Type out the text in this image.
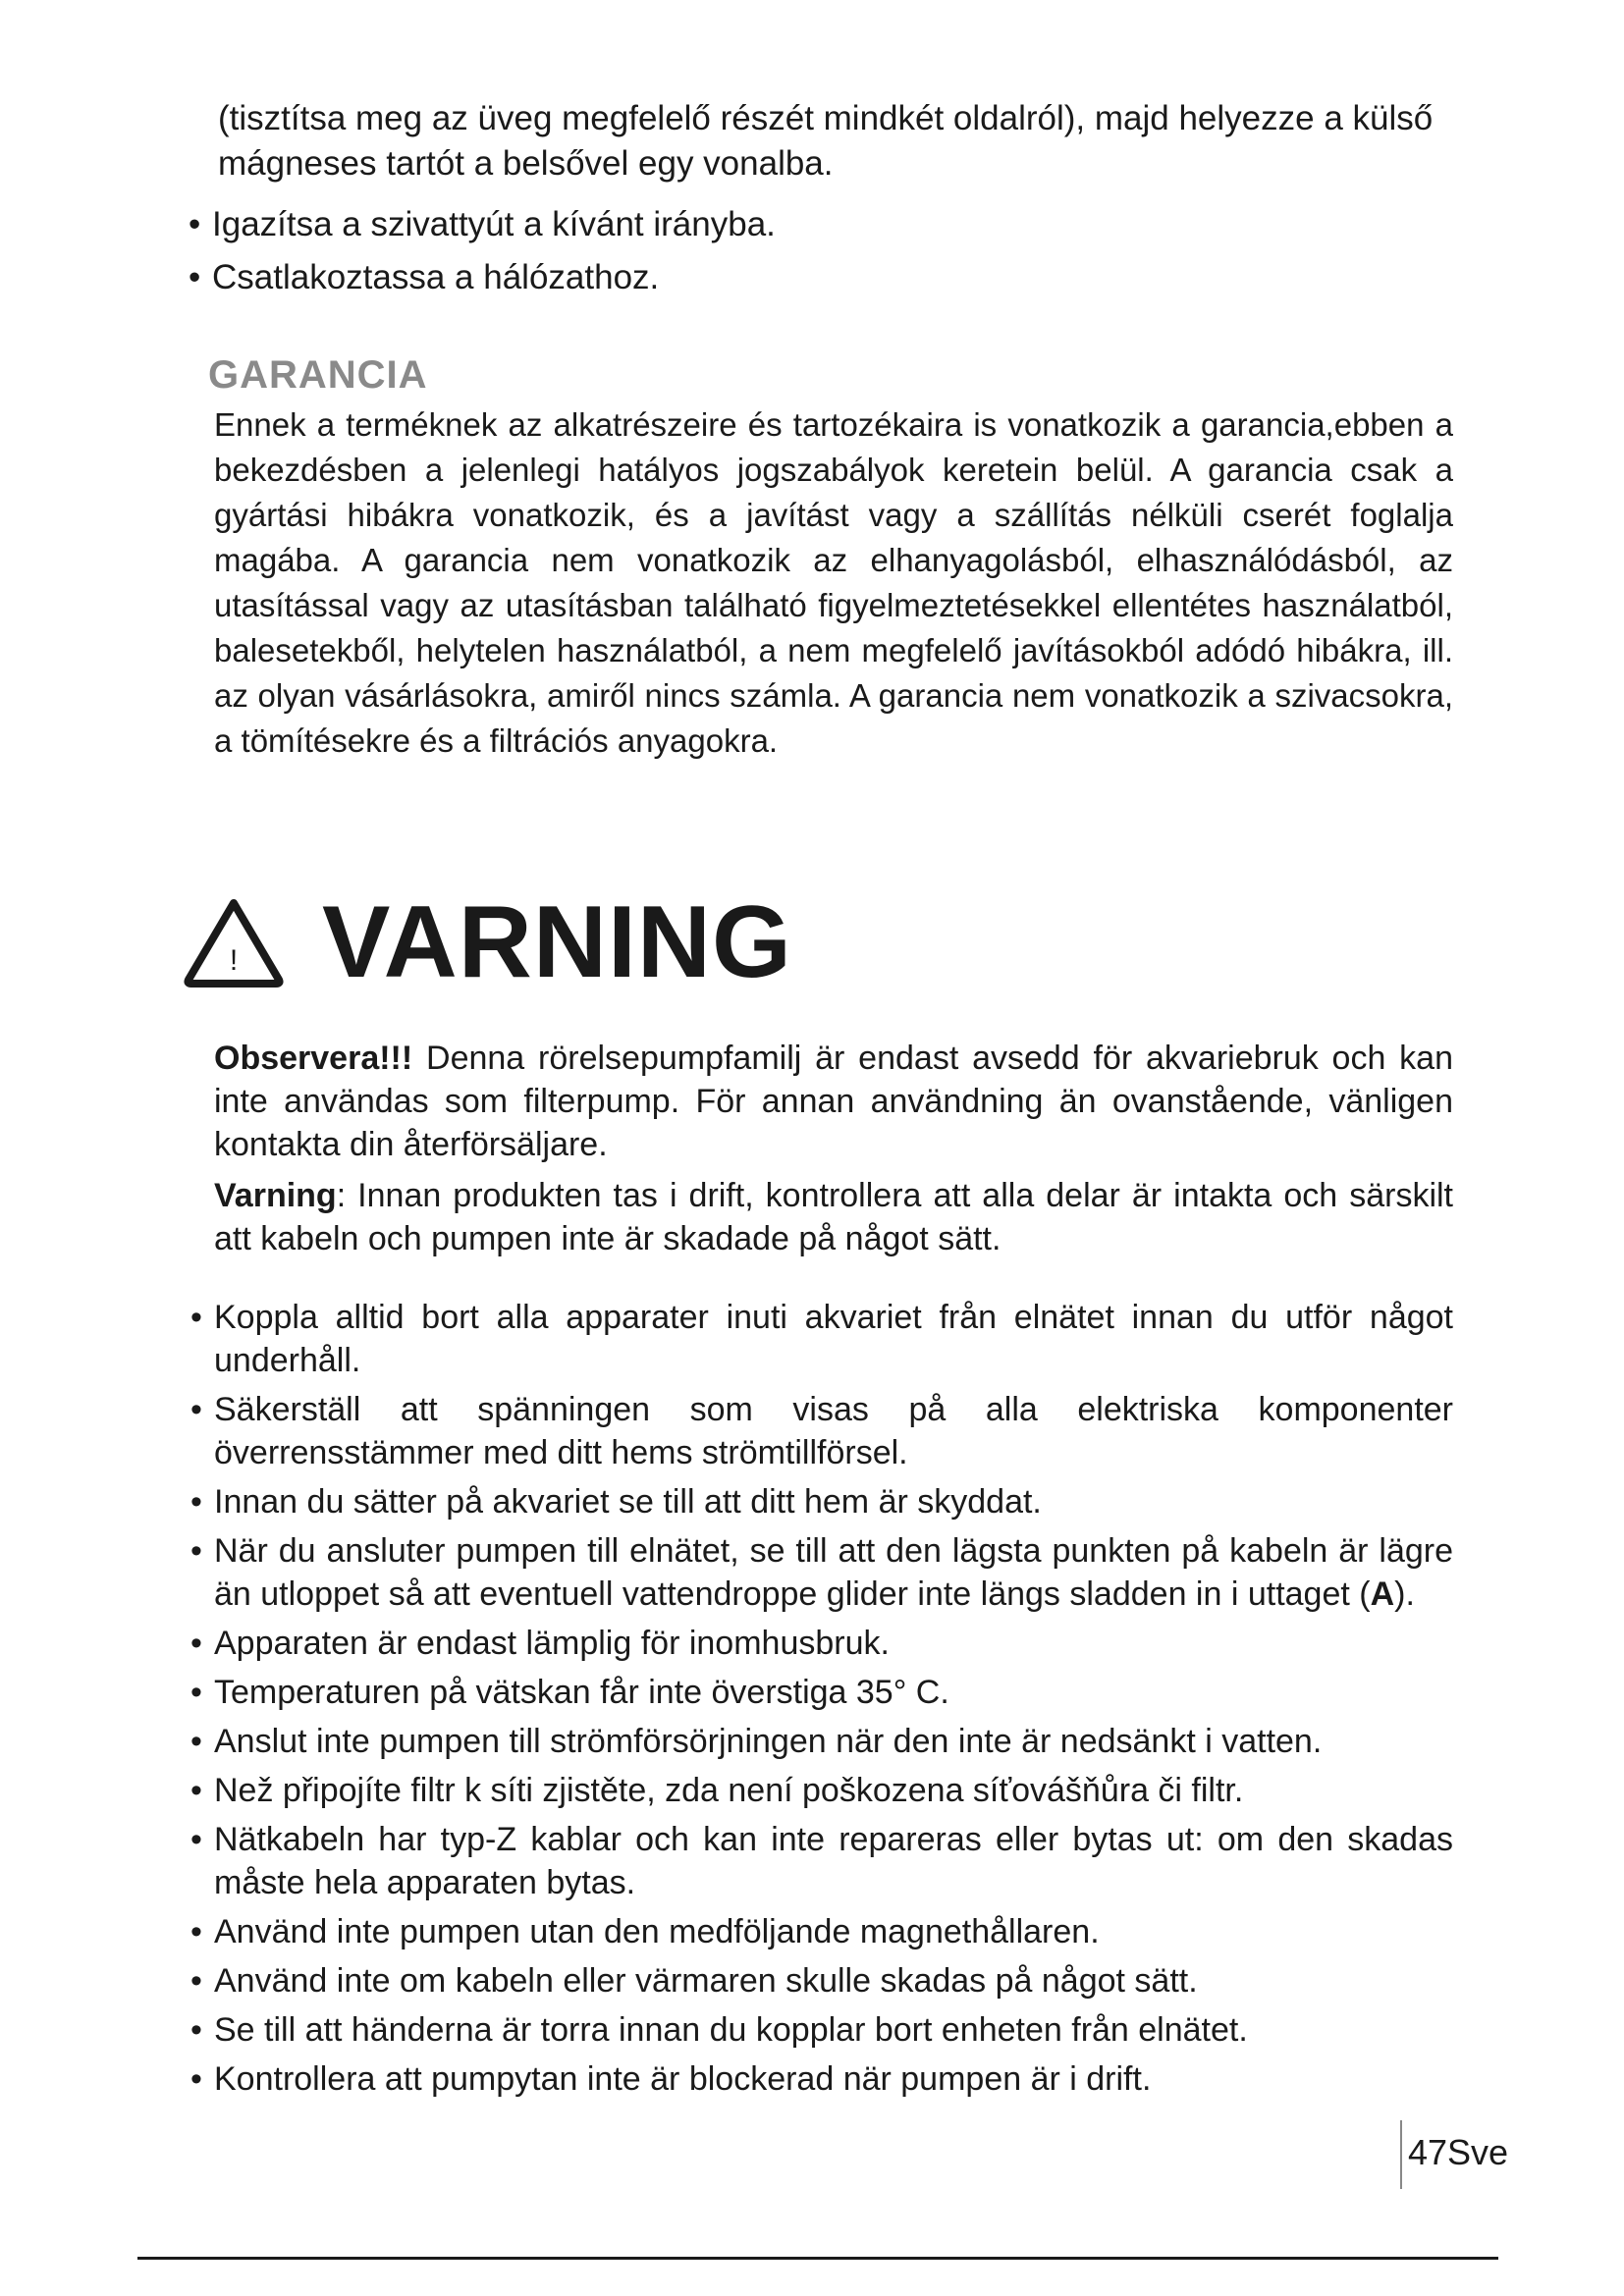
(tisztítsa meg az üveg megfelelő részét mindkét oldalról), majd helyezze a külső mágneses tartót a belsővel egy vonalba.
• Igazítsa a szivattyút a kívánt irányba.
• Csatlakoztassa a hálózathoz.
GARANCIA

Ennek a terméknek az alkatrészeire és tartozékaira is vonatkozik a garancia,ebben a bekezdésben a jelenlegi hatályos jogszabályok keretein belül. A garancia csak a gyártási hibákra vonatkozik, és a javítást vagy a szállítás nélküli cserét foglalja magába. A garancia nem vonatkozik az elhanyagolásból, elhasználódásból, az utasítással vagy az utasításban található figyelmeztetésekkel ellentétes használatból, balesetekből, helytelen használatból, a nem megfelelő javításokból adódó hibákra, ill. az olyan vásárlásokra, amiről nincs számla. A garancia nem vonatkozik a szivacsokra, a tömítésekre és a filtrációs anyagokra.

! VARNING
Observera!!! Denna rörelsepumpfamilj är endast avsedd för akvariebruk och kan inte användas som filterpump. För annan användning än ovanstående, vänligen kontakta din återförsäljare.
Varning: Innan produkten tas i drift, kontrollera att alla delar är intakta och särskilt att kabeln och pumpen inte är skadade på något sätt.
• Koppla alltid bort alla apparater inuti akvariet från elnätet innan du utför något underhåll.
• Säkerställ att spänningen som visas på alla elektriska komponenter överrensstämmer med ditt hems strömtillförsel.
• Innan du sätter på akvariet se till att ditt hem är skyddat.
• När du ansluter pumpen till elnätet, se till att den lägsta punkten på kabeln är lägre än utloppet så att eventuell vattendroppe glider inte längs sladden in i uttaget (A).
• Apparaten är endast lämplig för inomhusbruk.
• Temperaturen på vätskan får inte överstiga 35° C.
• Anslut inte pumpen till strömförsörjningen när den inte är nedsänkt i vatten.
• Než připojíte filtr k síti zjistěte, zda není poškozena síťovášňůra či filtr.
• Nätkabeln har typ-Z kablar och kan inte repareras eller bytas ut: om den skadas måste hela apparaten bytas.
• Använd inte pumpen utan den medföljande magnethållaren.
• Använd inte om kabeln eller värmaren skulle skadas på något sätt.
• Se till att händerna är torra innan du kopplar bort enheten från elnätet.
• Kontrollera att pumpytan inte är blockerad när pumpen är i drift.
47Sve
